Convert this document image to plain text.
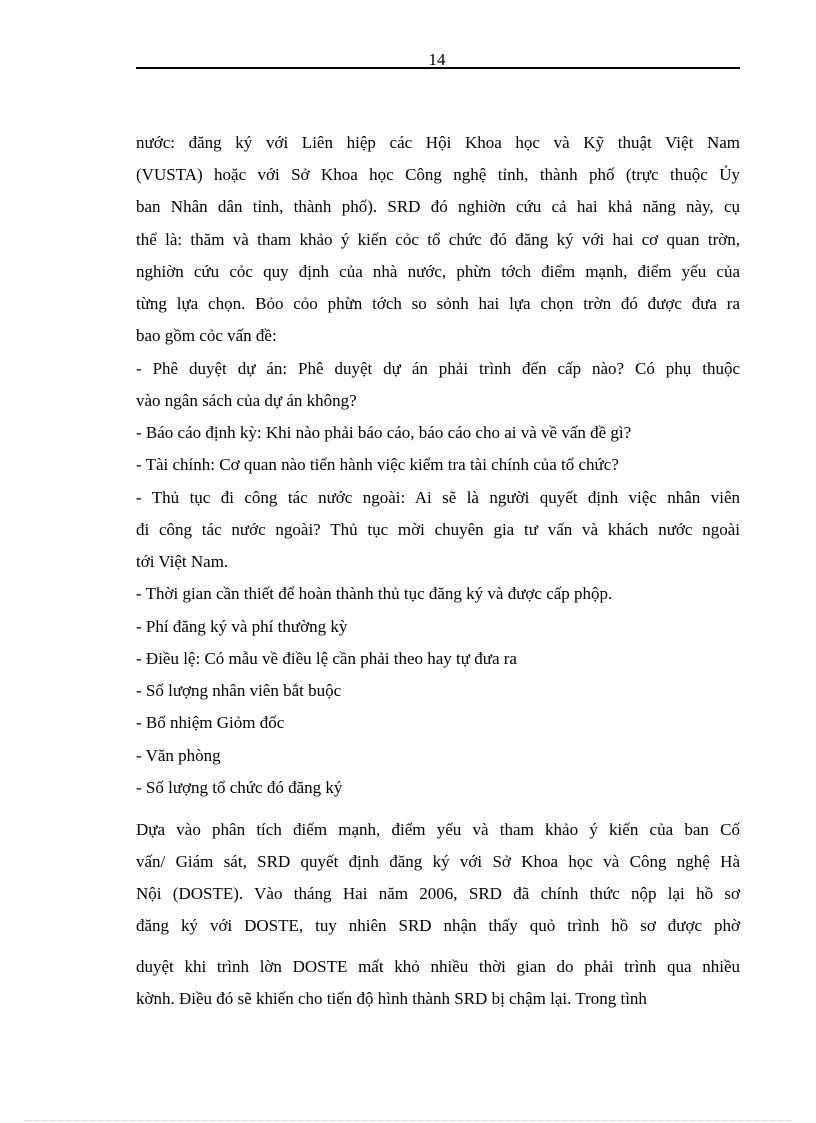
14
nước: đăng ký với Liên hiệp các Hội Khoa học và Kỹ thuật Việt Nam
(VUSTA) hoặc với Sở Khoa học Công nghệ tỉnh, thành phố (trực thuộc Ủy
ban Nhân dân tỉnh, thành phố). SRD đó nghiờn cứu cả hai khả năng này, cụ
thể là: thăm và tham khảo ý kiến cỏc tổ chức đó đăng ký với hai cơ quan trờn,
nghiờn cứu cỏc quy định của nhà nước, phừn tớch điểm mạnh, điểm yếu của
từng lựa chọn. Bỏo cỏo phừn tớch so sỏnh hai lựa chọn trờn đó được đưa ra
bao gồm cỏc vấn đề:
- Phê duyệt dự án: Phê duyệt dự án phải trình đến cấp nào? Có phụ thuộc
vào ngân sách của dự án không?
- Báo cáo định kỳ: Khi nào phải báo cáo, báo cáo cho ai và về vấn đề gì?
- Tài chính: Cơ quan nào tiến hành việc kiểm tra tài chính của tổ chức?
- Thủ tục đi công tác nước ngoài: Ai sẽ là người quyết định việc nhân viên
đi công tác nước ngoài? Thủ tục mời chuyên gia tư vấn và khách nước ngoài
tới Việt Nam.
- Thời gian cần thiết để hoàn thành thủ tục đăng ký và được cấp phộp.
- Phí đăng ký và phí thường kỳ
- Điều lệ: Có mẫu về điều lệ cần phải theo hay tự đưa ra
- Số lượng nhân viên bắt buộc
- Bổ nhiệm Giỏm đốc
- Văn phòng
- Số lượng tổ chức đó đăng ký
Dựa vào phân tích điểm mạnh, điểm yếu và tham khảo ý kiến của ban Cố
vấn/ Giám sát, SRD quyết định đăng ký với Sở Khoa học và Công nghệ Hà
Nội (DOSTE). Vào tháng Hai năm 2006, SRD đã chính thức nộp lại hồ sơ
đăng ký với DOSTE, tuy nhiên SRD nhận thấy quỏ trình hồ sơ được phờ
duyệt khi trình lờn DOSTE mất khỏ nhiều thời gian do phải trình qua nhiều
kờnh. Điều đó sẽ khiến cho tiến độ hình thành SRD bị chậm lại. Trong tình
